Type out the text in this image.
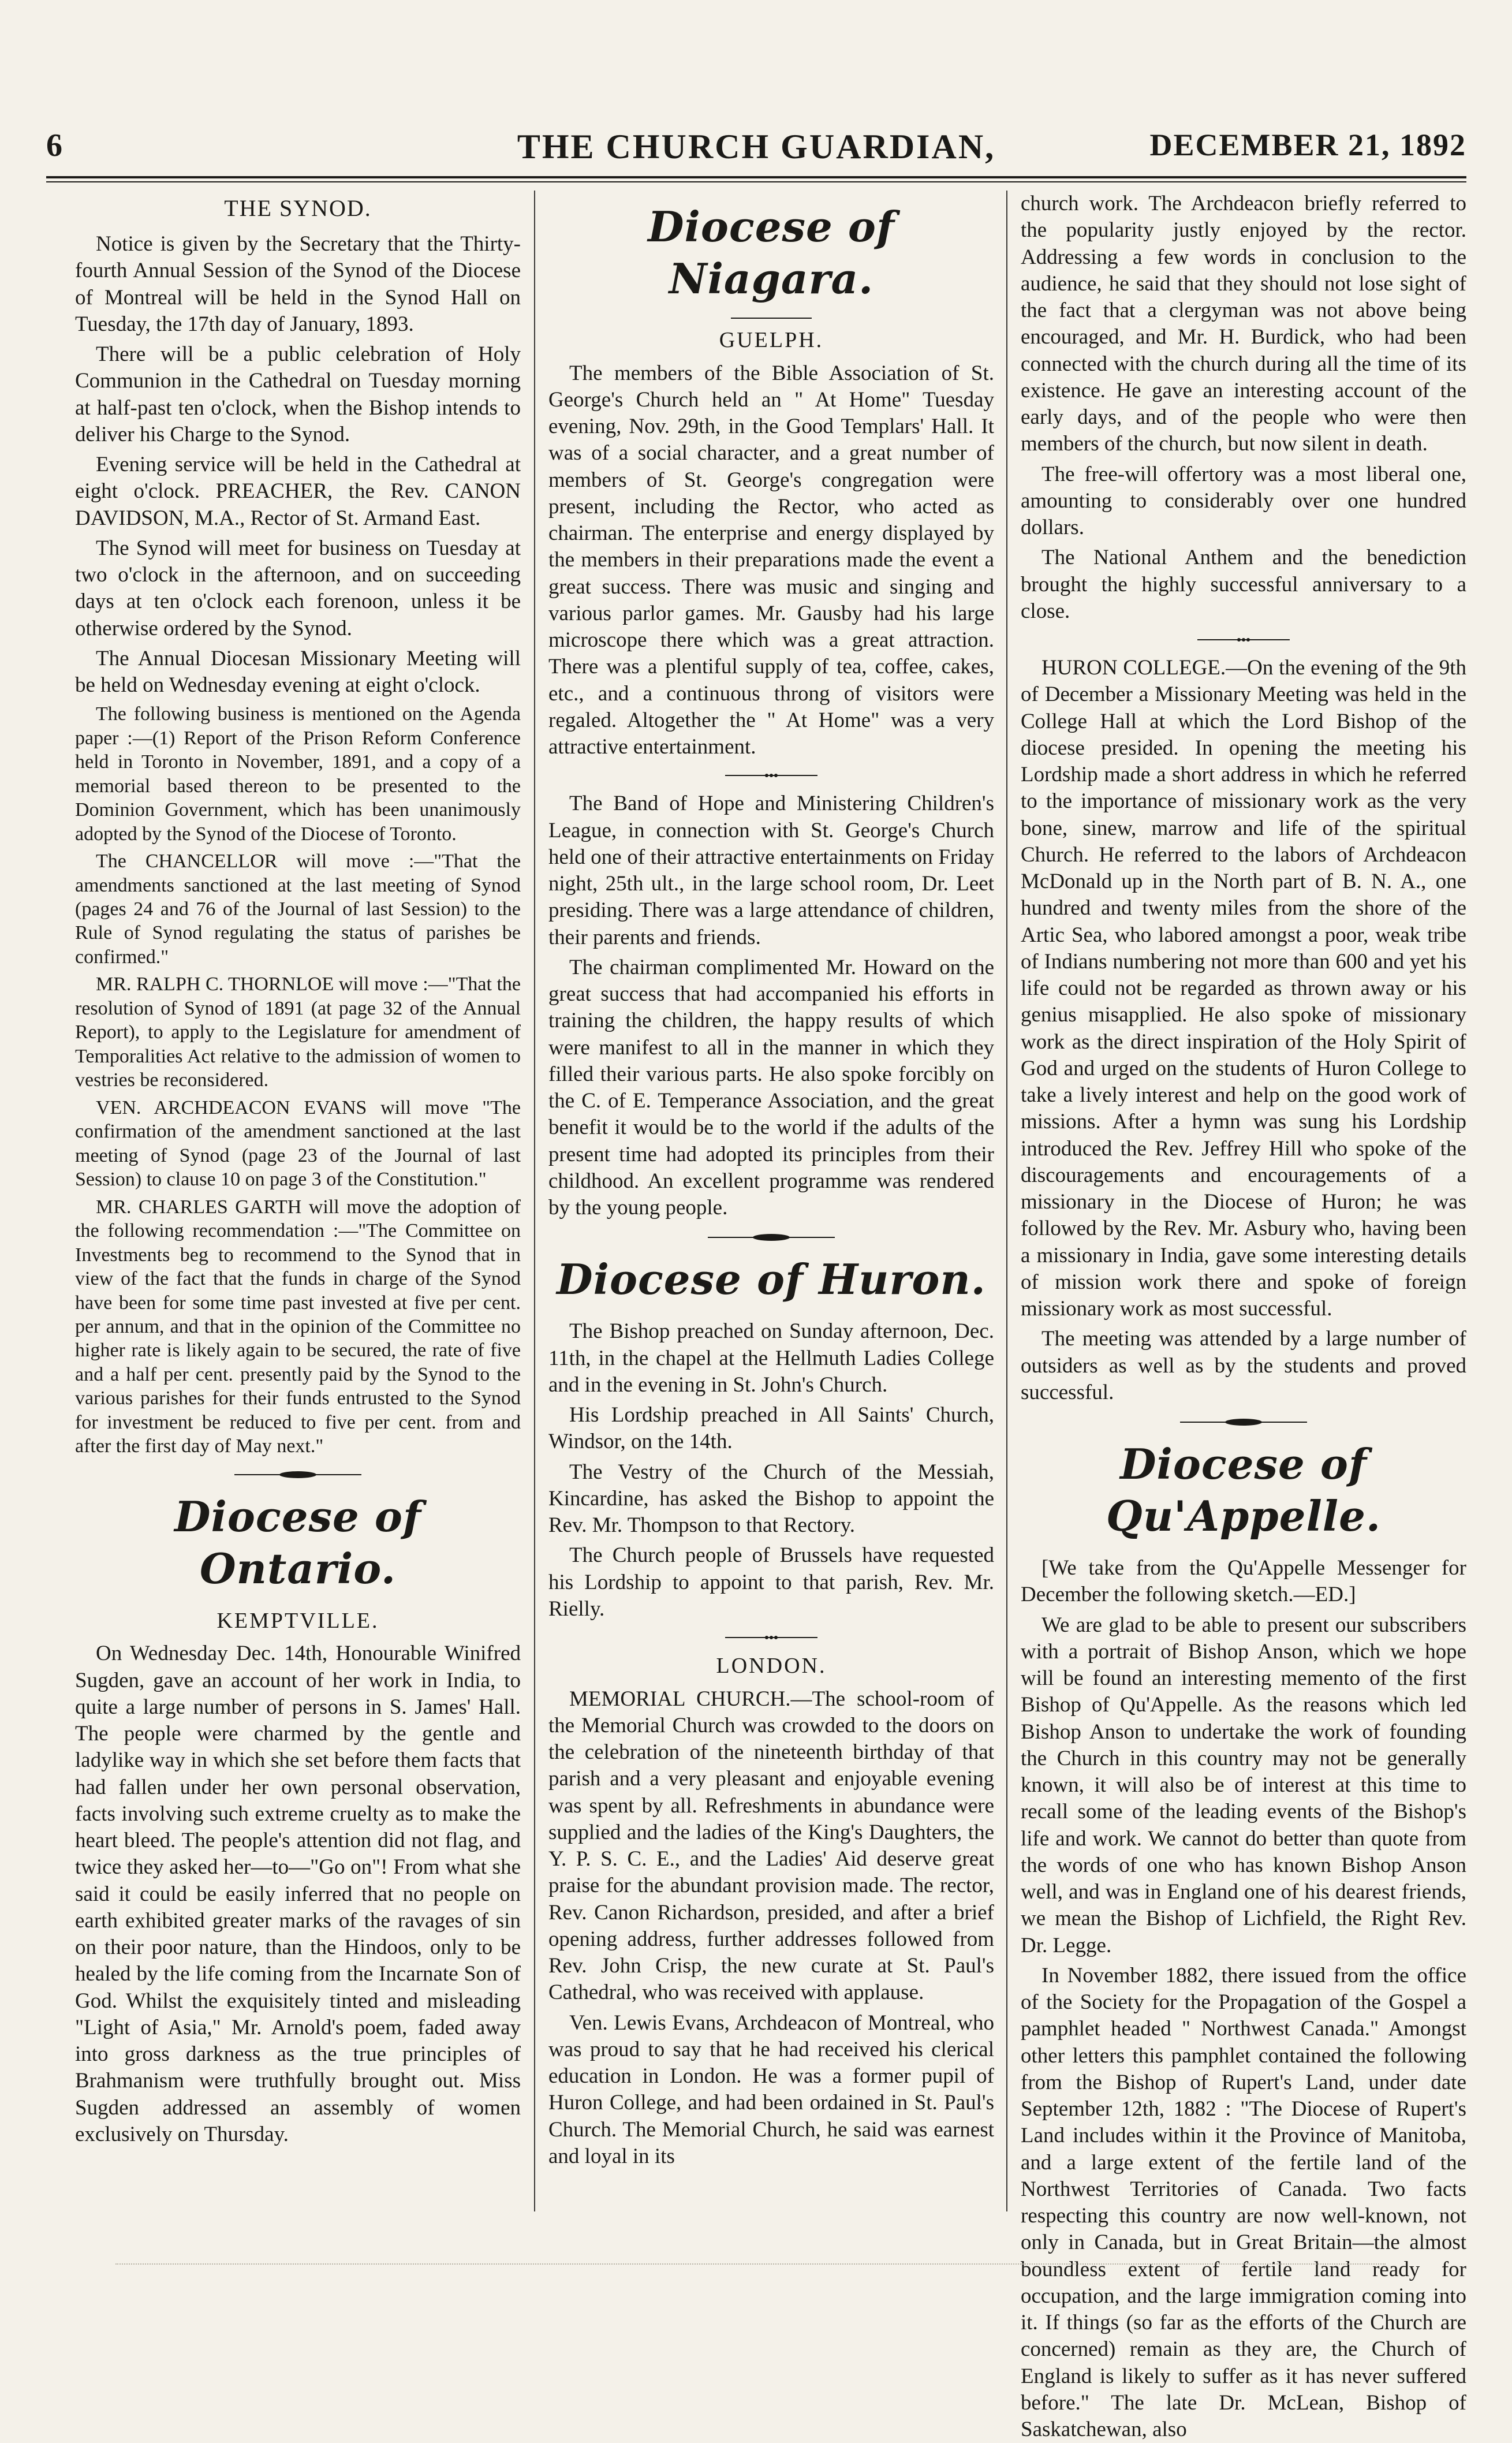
6	THE CHURCH GUARDIAN,	DECEMBER 21, 1892
THE SYNOD.

Notice is given by the Secretary that the Thirty-fourth Annual Session of the Synod of the Diocese of Montreal will be held in the Synod Hall on Tuesday, the 17th day of January, 1893.

There will be a public celebration of Holy Communion in the Cathedral on Tuesday morning at half-past ten o'clock, when the Bishop intends to deliver his Charge to the Synod.

Evening service will be held in the Cathedral at eight o'clock. PREACHER, the Rev. CANON DAVIDSON, M.A., Rector of St. Armand East.

The Synod will meet for business on Tuesday at two o'clock in the afternoon, and on succeeding days at ten o'clock each forenoon, unless it be otherwise ordered by the Synod.

The Annual Diocesan Missionary Meeting will be held on Wednesday evening at eight o'clock.

The following business is mentioned on the Agenda paper :—(1) Report of the Prison Reform Conference held in Toronto in November, 1891, and a copy of a memorial based thereon to be presented to the Dominion Government, which has been unanimously adopted by the Synod of the Diocese of Toronto.

The CHANCELLOR will move :—"That the amendments sanctioned at the last meeting of Synod (pages 24 and 76 of the Journal of last Session) to the Rule of Synod regulating the status of parishes be confirmed."

MR. RALPH C. THORNLOE will move :—"That the resolution of Synod of 1891 (at page 32 of the Annual Report), to apply to the Legislature for amendment of Temporalities Act relative to the admission of women to vestries be reconsidered.

VEN. ARCHDEACON EVANS will move "The confirmation of the amendment sanctioned at the last meeting of Synod (page 23 of the Journal of last Session) to clause 10 on page 3 of the Constitution."

MR. CHARLES GARTH will move the adoption of the following recommendation :—"The Committee on Investments beg to recommend to the Synod that in view of the fact that the funds in charge of the Synod have been for some time past invested at five per cent. per annum, and that in the opinion of the Committee no higher rate is likely again to be secured, the rate of five and a half per cent. presently paid by the Synod to the various parishes for their funds entrusted to the Synod for investment be reduced to five per cent. from and after the first day of May next."

Diocese of Ontario.
KEMPTVILLE.

On Wednesday Dec. 14th, Honourable Winifred Sugden, gave an account of her work in India, to quite a large number of persons in S. James' Hall. The people were charmed by the gentle and ladylike way in which she set before them facts that had fallen under her own personal observation, facts involving such extreme cruelty as to make the heart bleed. The people's attention did not flag, and twice they asked her—to—"Go on"! From what she said it could be easily inferred that no people on earth exhibited greater marks of the ravages of sin on their poor nature, than the Hindoos, only to be healed by the life coming from the Incarnate Son of God. Whilst the exquisitely tinted and misleading "Light of Asia," Mr. Arnold's poem, faded away into gross darkness as the true principles of Brahmanism were truthfully brought out. Miss Sugden addressed an assembly of women exclusively on Thursday.

Diocese of Niagara.
GUELPH.

The members of the Bible Association of St. George's Church held an " At Home" Tuesday evening, Nov. 29th, in the Good Templars' Hall. It was of a social character, and a great number of members of St. George's congregation were present, including the Rector, who acted as chairman. The enterprise and energy displayed by the members in their preparations made the event a great success. There was music and singing and various parlor games. Mr. Gausby had his large microscope there which was a great attraction. There was a plentiful supply of tea, coffee, cakes, etc., and a continuous throng of visitors were regaled. Altogether the " At Home" was a very attractive entertainment.

The Band of Hope and Ministering Children's League, in connection with St. George's Church held one of their attractive entertainments on Friday night, 25th ult., in the large school room, Dr. Leet presiding. There was a large attendance of children, their parents and friends.

The chairman complimented Mr. Howard on the great success that had accompanied his efforts in training the children, the happy results of which were manifest to all in the manner in which they filled their various parts. He also spoke forcibly on the C. of E. Temperance Association, and the great benefit it would be to the world if the adults of the present time had adopted its principles from their childhood. An excellent programme was rendered by the young people.

Diocese of Huron.

The Bishop preached on Sunday afternoon, Dec. 11th, in the chapel at the Hellmuth Ladies College and in the evening in St. John's Church.

His Lordship preached in All Saints' Church, Windsor, on the 14th.

The Vestry of the Church of the Messiah, Kincardine, has asked the Bishop to appoint the Rev. Mr. Thompson to that Rectory.

The Church people of Brussels have requested his Lordship to appoint to that parish, Rev. Mr. Rielly.

LONDON.

MEMORIAL CHURCH.—The school-room of the Memorial Church was crowded to the doors on the celebration of the nineteenth birthday of that parish and a very pleasant and enjoyable evening was spent by all. Refreshments in abundance were supplied and the ladies of the King's Daughters, the Y. P. S. C. E., and the Ladies' Aid deserve great praise for the abundant provision made. The rector, Rev. Canon Richardson, presided, and after a brief opening address, further addresses followed from Rev. John Crisp, the new curate at St. Paul's Cathedral, who was received with applause.

Ven. Lewis Evans, Archdeacon of Montreal, who was proud to say that he had received his clerical education in London. He was a former pupil of Huron College, and had been ordained in St. Paul's Church. The Memorial Church, he said was earnest and loyal in its

church work. The Archdeacon briefly referred to the popularity justly enjoyed by the rector. Addressing a few words in conclusion to the audience, he said that they should not lose sight of the fact that a clergyman was not above being encouraged, and Mr. H. Burdick, who had been connected with the church during all the time of its existence. He gave an interesting account of the early days, and of the people who were then members of the church, but now silent in death.

The free-will offertory was a most liberal one, amounting to considerably over one hundred dollars.

The National Anthem and the benediction brought the highly successful anniversary to a close.

HURON COLLEGE.—On the evening of the 9th of December a Missionary Meeting was held in the College Hall at which the Lord Bishop of the diocese presided. In opening the meeting his Lordship made a short address in which he referred to the importance of missionary work as the very bone, sinew, marrow and life of the spiritual Church. He referred to the labors of Archdeacon McDonald up in the North part of B. N. A., one hundred and twenty miles from the shore of the Artic Sea, who labored amongst a poor, weak tribe of Indians numbering not more than 600 and yet his life could not be regarded as thrown away or his genius misapplied. He also spoke of missionary work as the direct inspiration of the Holy Spirit of God and urged on the students of Huron College to take a lively interest and help on the good work of missions. After a hymn was sung his Lordship introduced the Rev. Jeffrey Hill who spoke of the discouragements and encouragements of a missionary in the Diocese of Huron; he was followed by the Rev. Mr. Asbury who, having been a missionary in India, gave some interesting details of mission work there and spoke of foreign missionary work as most successful.

The meeting was attended by a large number of outsiders as well as by the students and proved successful.

Diocese of Qu'Appelle.

[We take from the Qu'Appelle Messenger for December the following sketch.—ED.]

We are glad to be able to present our subscribers with a portrait of Bishop Anson, which we hope will be found an interesting memento of the first Bishop of Qu'Appelle. As the reasons which led Bishop Anson to undertake the work of founding the Church in this country may not be generally known, it will also be of interest at this time to recall some of the leading events of the Bishop's life and work. We cannot do better than quote from the words of one who has known Bishop Anson well, and was in England one of his dearest friends, we mean the Bishop of Lichfield, the Right Rev. Dr. Legge.

In November 1882, there issued from the office of the Society for the Propagation of the Gospel a pamphlet headed " Northwest Canada." Amongst other letters this pamphlet contained the following from the Bishop of Rupert's Land, under date September 12th, 1882 : "The Diocese of Rupert's Land includes within it the Province of Manitoba, and a large extent of the fertile land of the Northwest Territories of Canada. Two facts respecting this country are now well-known, not only in Canada, but in Great Britain—the almost boundless extent of fertile land ready for occupation, and the large immigration coming into it. If things (so far as the efforts of the Church are concerned) remain as they are, the Church of England is likely to suffer as it has never suffered before." The late Dr. McLean, Bishop of Saskatchewan, also
